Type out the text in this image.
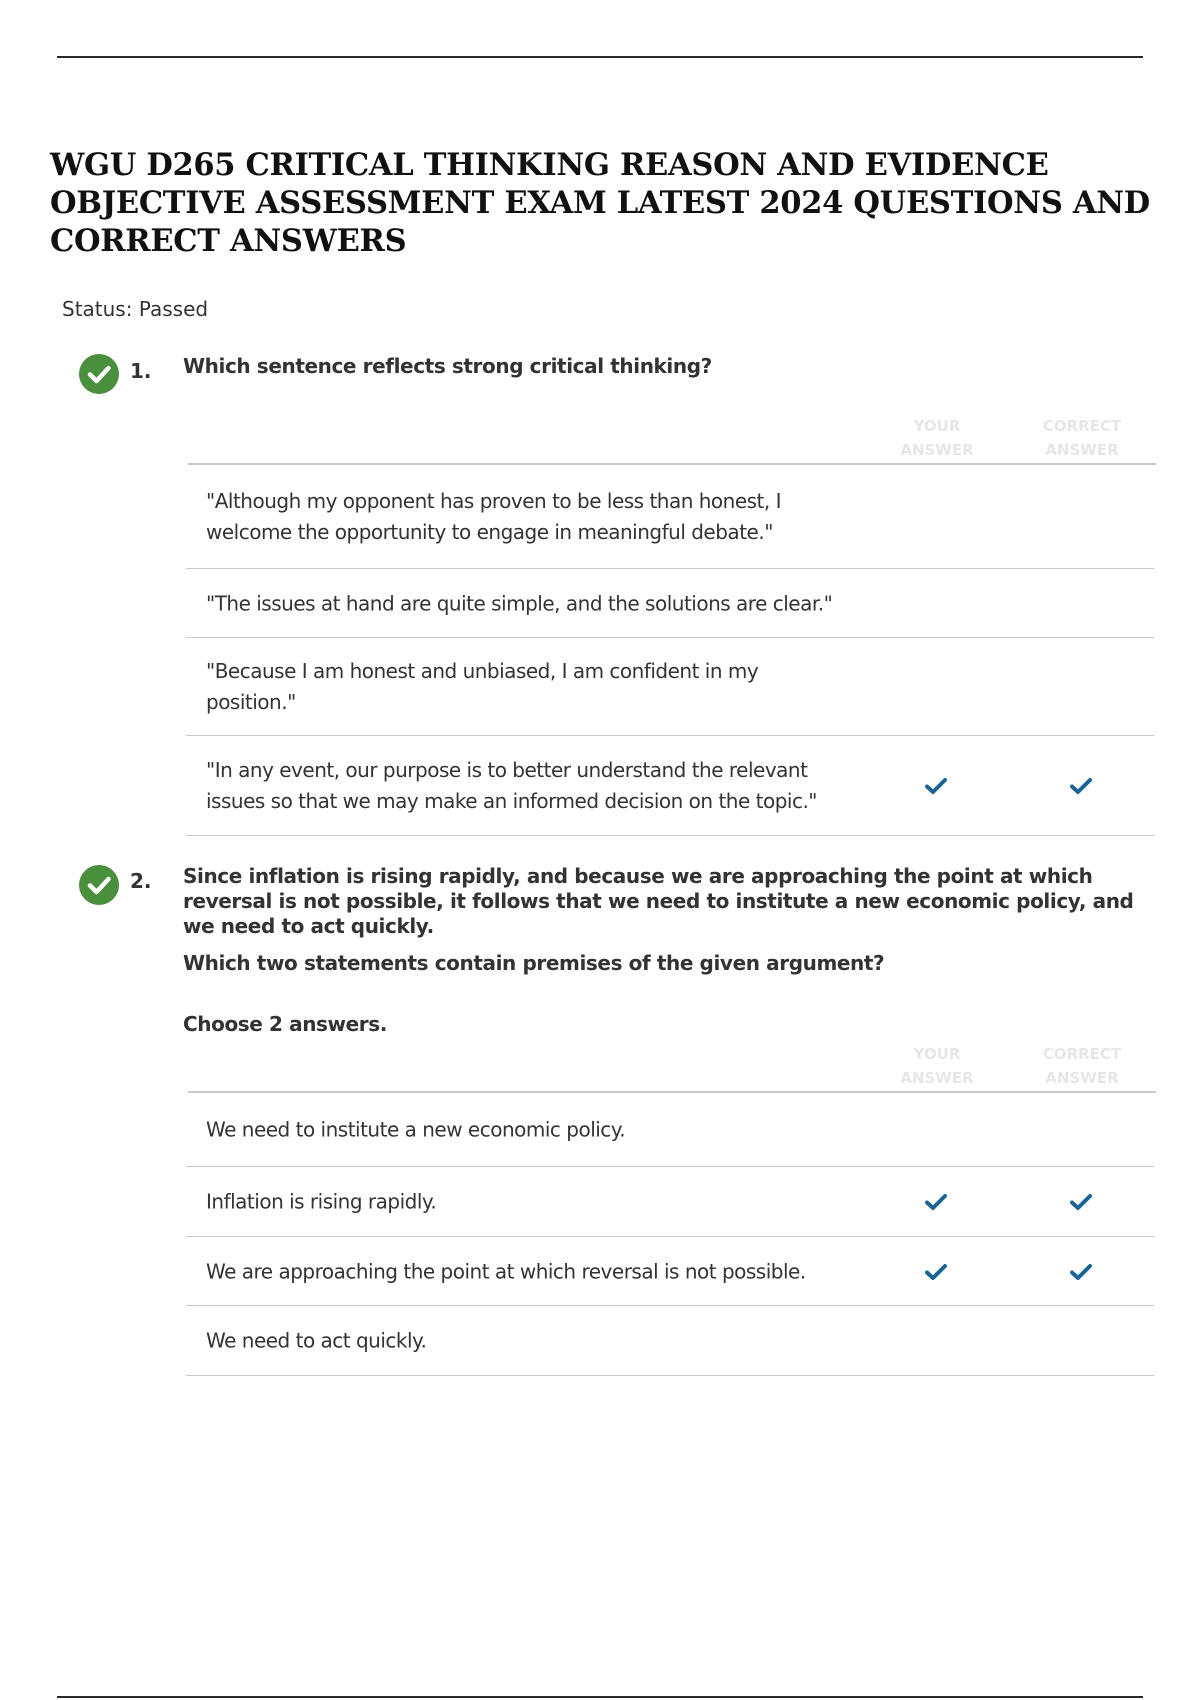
WGU D265 CRITICAL THINKING REASON AND EVIDENCE OBJECTIVE ASSESSMENT EXAM LATEST 2024 QUESTIONS AND CORRECT ANSWERS
Status: Passed
1. Which sentence reflects strong critical thinking?

YOUR ANSWER
CORRECT ANSWER
"Although my opponent has proven to be less than honest, I welcome the opportunity to engage in meaningful debate."
"The issues at hand are quite simple, and the solutions are clear."
"Because I am honest and unbiased, I am confident in my position."
"In any event, our purpose is to better understand the relevant issues so that we may make an informed decision on the topic."
2. Since inflation is rising rapidly, and because we are approaching the point at which reversal is not possible, it follows that we need to institute a new economic policy, and we need to act quickly.

Which two statements contain premises of the given argument?

Choose 2 answers.

YOUR ANSWER
CORRECT ANSWER
We need to institute a new economic policy.
Inflation is rising rapidly.
We are approaching the point at which reversal is not possible.
We need to act quickly.
